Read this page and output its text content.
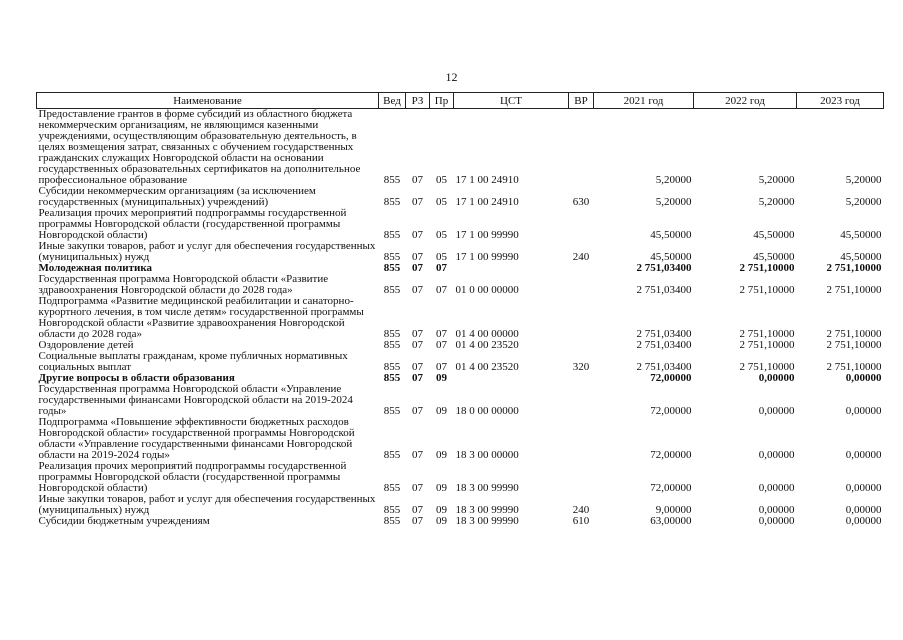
12
Наименование	Вед	РЗ	Пр	ЦСТ	ВР	2021 год	2022 год	2023 год
Предоставление грантов в форме субсидий из областного бюджета некоммерческим организациям, не являющимся казенными учреждениями, осуществляющим образовательную деятельность, в целях возмещения затрат, связанных с обучением государственных гражданских служащих Новгородской области на основании государственных образовательных сертификатов на дополнительное профессиональное образование	855	07	05	17 1 00 24910		5,20000	5,20000	5,20000
Субсидии некоммерческим организациям (за исключением государственных (муниципальных) учреждений)	855	07	05	17 1 00 24910	630	5,20000	5,20000	5,20000
Реализация прочих мероприятий подпрограммы государственной программы Новгородской области (государственной программы Новгородской области)	855	07	05	17 1 00 99990		45,50000	45,50000	45,50000
Иные закупки товаров, работ и услуг для обеспечения государственных (муниципальных) нужд	855	07	05	17 1 00 99990	240	45,50000	45,50000	45,50000
Молодежная политика	855	07	07			2 751,03400	2 751,10000	2 751,10000
Государственная программа Новгородской области «Развитие здравоохранения Новгородской области до 2028 года»	855	07	07	01 0 00 00000		2 751,03400	2 751,10000	2 751,10000
Подпрограмма «Развитие медицинской реабилитации и санаторно-курортного лечения, в том числе детям» государственной программы Новгородской области «Развитие здравоохранения Новгородской области до 2028 года»	855	07	07	01 4 00 00000		2 751,03400	2 751,10000	2 751,10000
Оздоровление детей	855	07	07	01 4 00 23520		2 751,03400	2 751,10000	2 751,10000
Социальные выплаты гражданам, кроме публичных нормативных социальных выплат	855	07	07	01 4 00 23520	320	2 751,03400	2 751,10000	2 751,10000
Другие вопросы в области образования	855	07	09			72,00000	0,00000	0,00000
Государственная программа Новгородской области «Управление государственными финансами Новгородской области на 2019-2024 годы»	855	07	09	18 0 00 00000		72,00000	0,00000	0,00000
Подпрограмма «Повышение эффективности бюджетных расходов Новгородской области» государственной программы Новгородской области «Управление государственными финансами Новгородской области на 2019-2024 годы»	855	07	09	18 3 00 00000		72,00000	0,00000	0,00000
Реализация прочих мероприятий подпрограммы государственной программы Новгородской области (государственной программы Новгородской области)	855	07	09	18 3 00 99990		72,00000	0,00000	0,00000
Иные закупки товаров, работ и услуг для обеспечения государственных (муниципальных) нужд	855	07	09	18 3 00 99990	240	9,00000	0,00000	0,00000
Субсидии бюджетным учреждениям	855	07	09	18 3 00 99990	610	63,00000	0,00000	0,00000
